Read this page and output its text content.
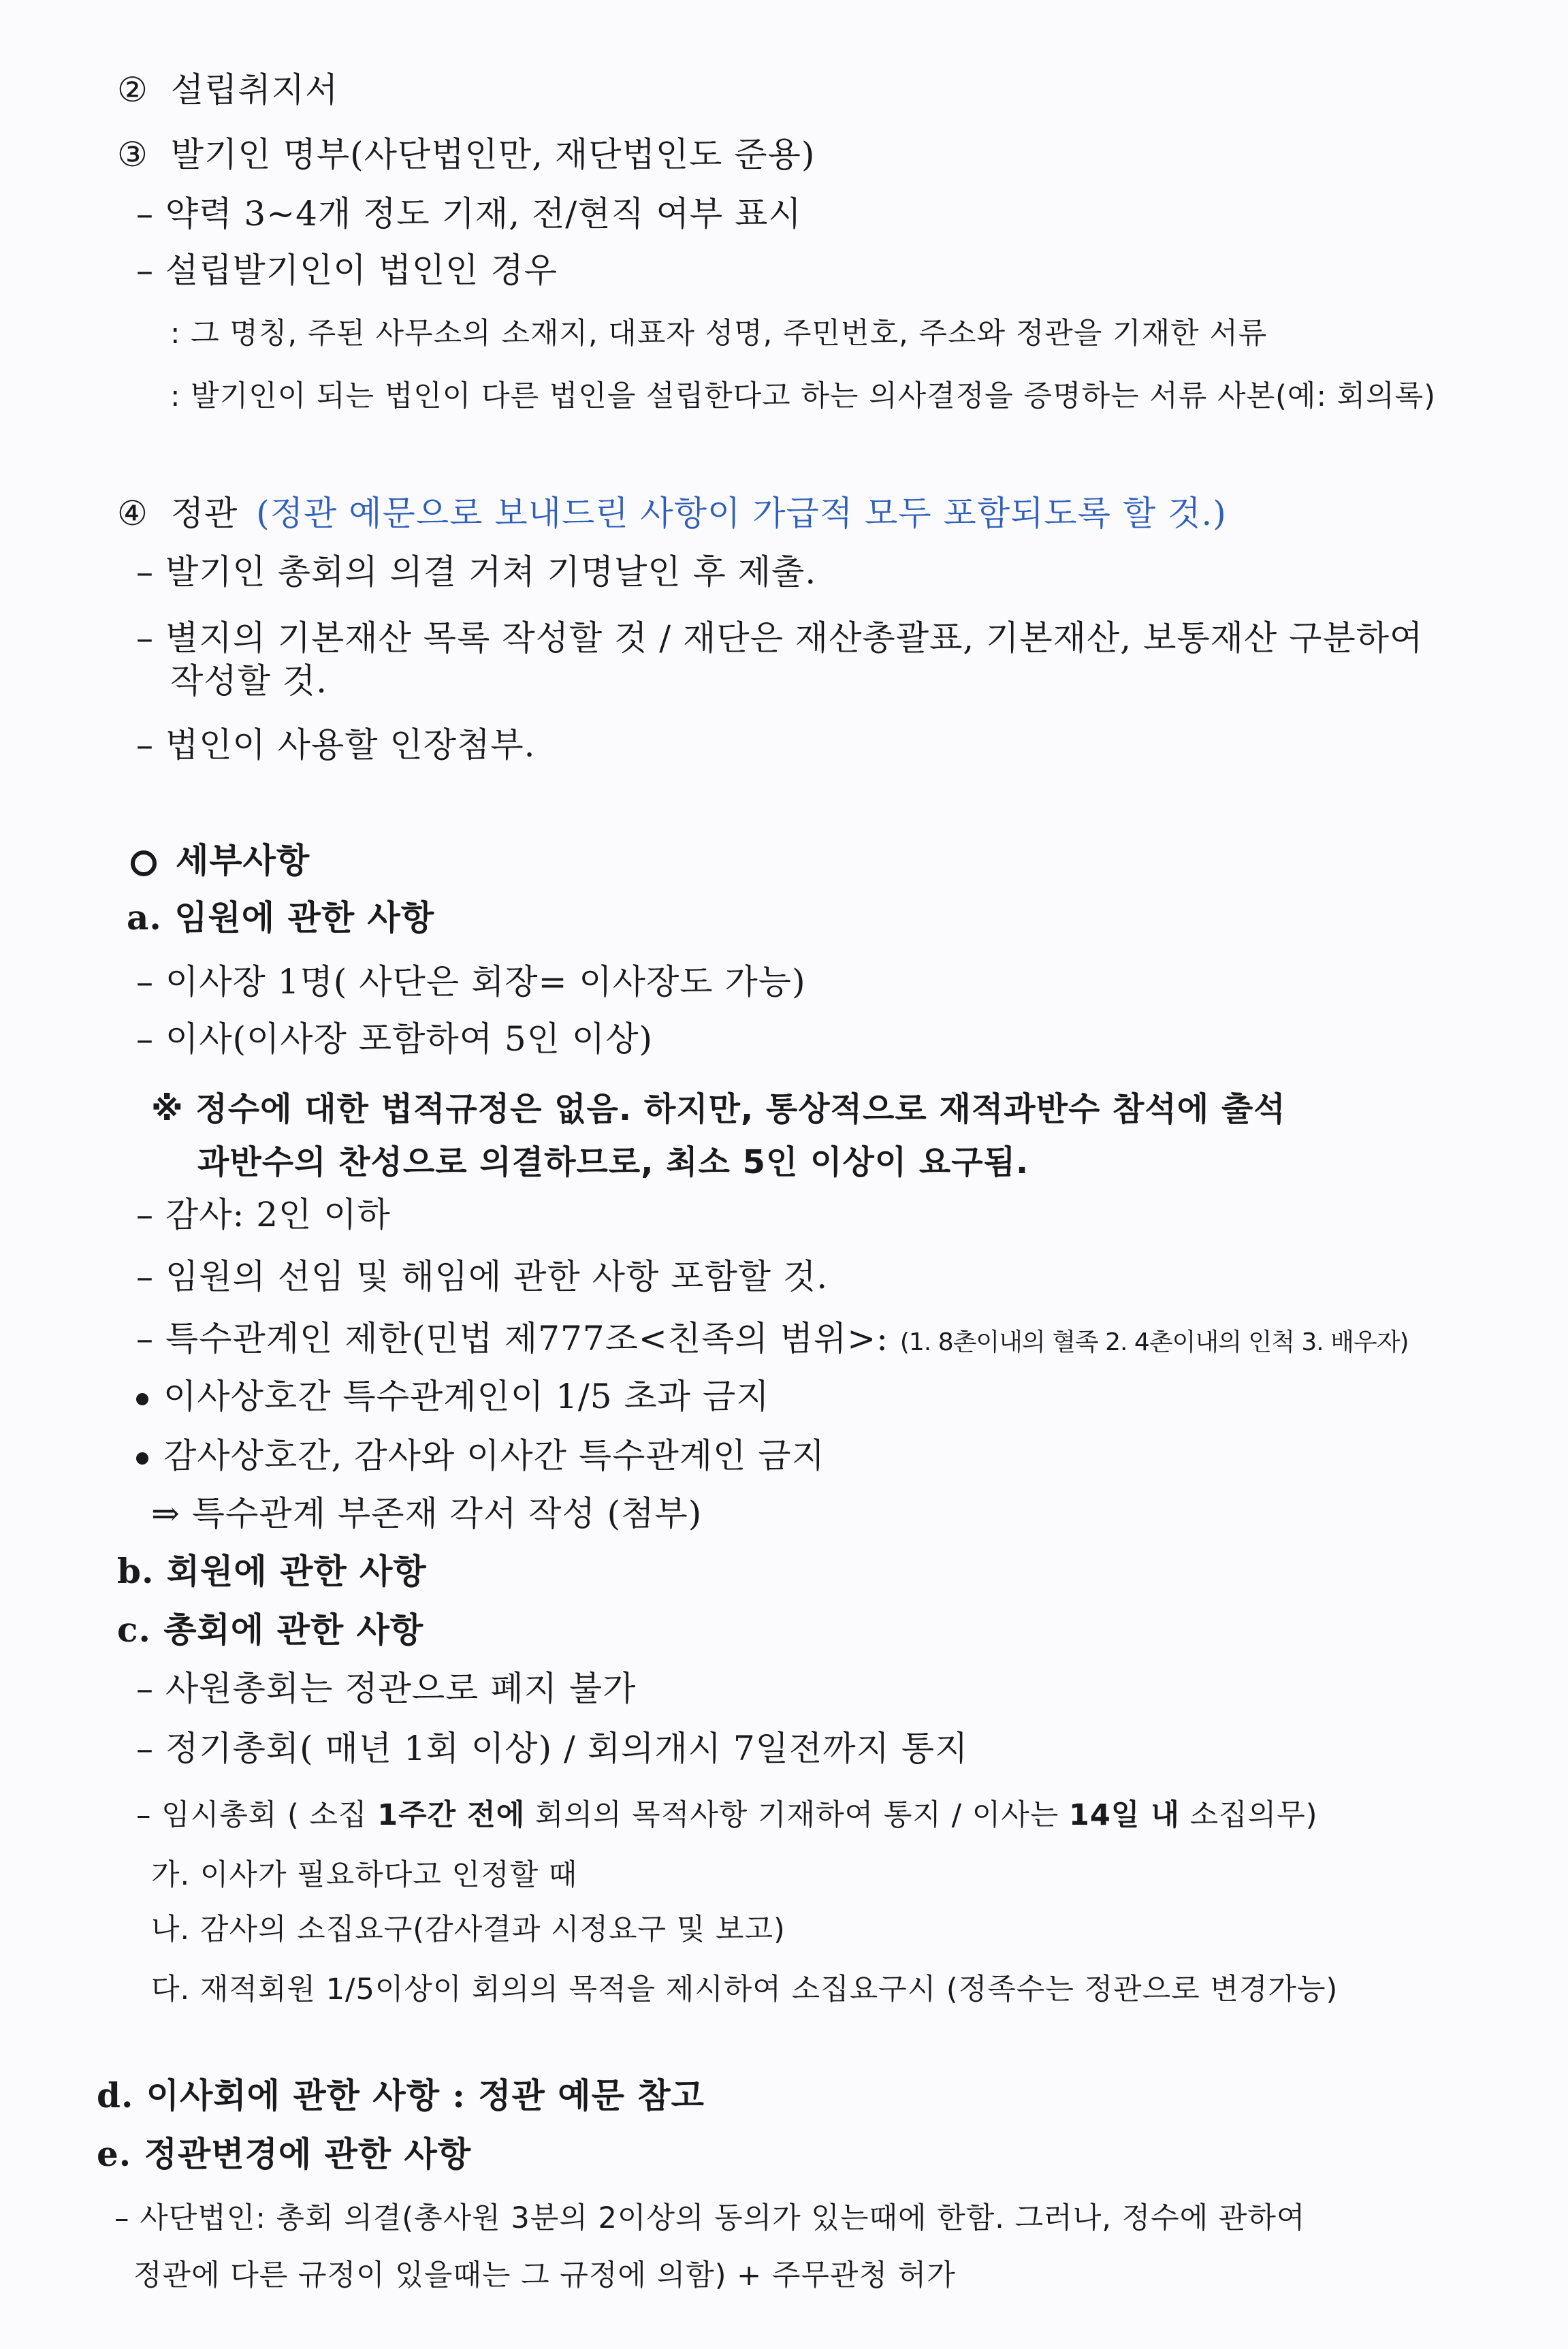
② 설립취지서
③ 발기인 명부(사단법인만, 재단법인도 준용)
– 약력 3~4개 정도 기재, 전/현직 여부 표시
– 설립발기인이 법인인 경우
: 그 명칭, 주된 사무소의 소재지, 대표자 성명, 주민번호, 주소와 정관을 기재한 서류
: 발기인이 되는 법인이 다른 법인을 설립한다고 하는 의사결정을 증명하는 서류 사본(예: 회의록)
④ 정관 (정관 예문으로 보내드린 사항이 가급적 모두 포함되도록 할 것.)
– 발기인 총회의 의결 거쳐 기명날인 후 제출.
– 별지의 기본재산 목록 작성할 것 / 재단은 재산총괄표, 기본재산, 보통재산 구분하여
작성할 것.
– 법인이 사용할 인장첨부.
세부사항
a. 임원에 관한 사항
– 이사장 1명( 사단은 회장= 이사장도 가능)
– 이사(이사장 포함하여 5인 이상)
※ 정수에 대한 법적규정은 없음. 하지만, 통상적으로 재적과반수 참석에 출석
과반수의 찬성으로 의결하므로, 최소 5인 이상이 요구됨.
– 감사: 2인 이하
– 임원의 선임 및 해임에 관한 사항 포함할 것.
– 특수관계인 제한(민법 제777조<친족의 범위>: (1. 8촌이내의 혈족 2. 4촌이내의 인척 3. 배우자)
이사상호간 특수관계인이 1/5 초과 금지
감사상호간, 감사와 이사간 특수관계인 금지
⇒ 특수관계 부존재 각서 작성 (첨부)
b. 회원에 관한 사항
c. 총회에 관한 사항
– 사원총회는 정관으로 폐지 불가
– 정기총회( 매년 1회 이상) / 회의개시 7일전까지 통지
– 임시총회 ( 소집 1주간 전에 회의의 목적사항 기재하여 통지 / 이사는 14일 내 소집의무)
가. 이사가 필요하다고 인정할 때
나. 감사의 소집요구(감사결과 시정요구 및 보고)
다. 재적회원 1/5이상이 회의의 목적을 제시하여 소집요구시 (정족수는 정관으로 변경가능)
d. 이사회에 관한 사항 : 정관 예문 참고
e. 정관변경에 관한 사항
– 사단법인: 총회 의결(총사원 3분의 2이상의 동의가 있는때에 한함. 그러나, 정수에 관하여
정관에 다른 규정이 있을때는 그 규정에 의함) + 주무관청 허가
